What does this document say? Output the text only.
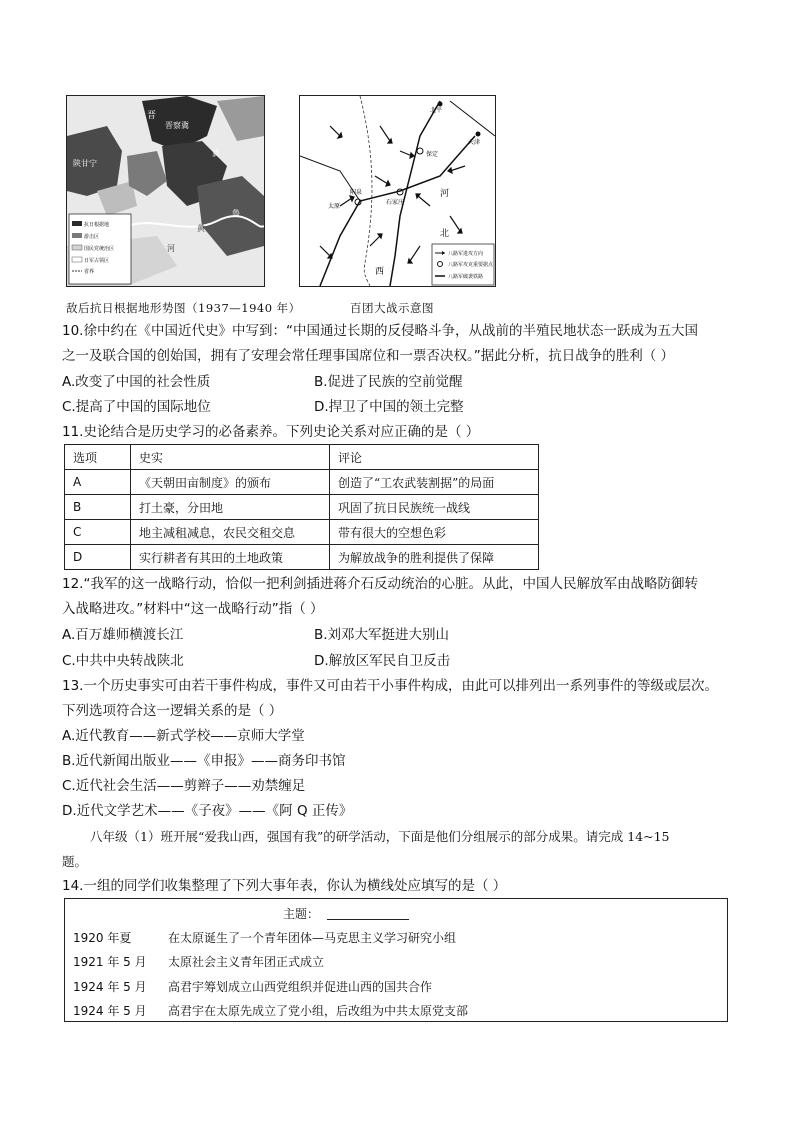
晋
晋察冀
陕甘宁
冀
鲁
河
黄
抗日根据地
游击区
国民党统治区
日军占领区
省界
北平
天津
太原
阳泉
石家庄
保定
河
北
西
八路军进攻方向
八路军攻克重要据点
八路军破袭铁路
敌后抗日根据地形势图（1937—1940 年）	百团大战示意图
10.徐中约在《中国近代史》中写到：“中国通过长期的反侵略斗争，从战前的半殖民地状态一跃成为五大国
之一及联合国的创始国，拥有了安理会常任理事国席位和一票否决权。”据此分析，抗日战争的胜利（ ）
A.改变了中国的社会性质	B.促进了民族的空前觉醒
C.提高了中国的国际地位	D.捍卫了中国的领土完整
11.史论结合是历史学习的必备素养。下列史论关系对应正确的是（ ）
选项	史实	评论
A	《天朝田亩制度》的颁布	创造了“工农武装割据”的局面
B	打土豪，分田地	巩固了抗日民族统一战线
C	地主减租减息，农民交租交息	带有很大的空想色彩
D	实行耕者有其田的土地政策	为解放战争的胜利提供了保障
12.“我军的这一战略行动，恰似一把利剑插进蒋介石反动统治的心脏。从此，中国人民解放军由战略防御转
入战略进攻。”材料中“这一战略行动”指（ ）
A.百万雄师横渡长江	B.刘邓大军挺进大别山
C.中共中央转战陕北	D.解放区军民自卫反击
13.一个历史事实可由若干事件构成，事件又可由若干小事件构成，由此可以排列出一系列事件的等级或层次。
下列选项符合这一逻辑关系的是（ ）
A.近代教育——新式学校——京师大学堂
B.近代新闻出版业——《申报》——商务印书馆
C.近代社会生活——剪辫子——劝禁缠足
D.近代文学艺术——《子夜》——《阿 Q 正传》
八年级（1）班开展“爱我山西，强国有我”的研学活动，下面是他们分组展示的部分成果。请完成 14~15
题。
14.一组的同学们收集整理了下列大事年表，你认为横线处应填写的是（ ）
主题：
1920 年夏	在太原诞生了一个青年团体—马克思主义学习研究小组
1921 年 5 月 太原社会主义青年团正式成立
1924 年 5 月 高君宇筹划成立山西党组织并促进山西的国共合作
1924 年 5 月 高君宇在太原先成立了党小组，后改组为中共太原党支部
